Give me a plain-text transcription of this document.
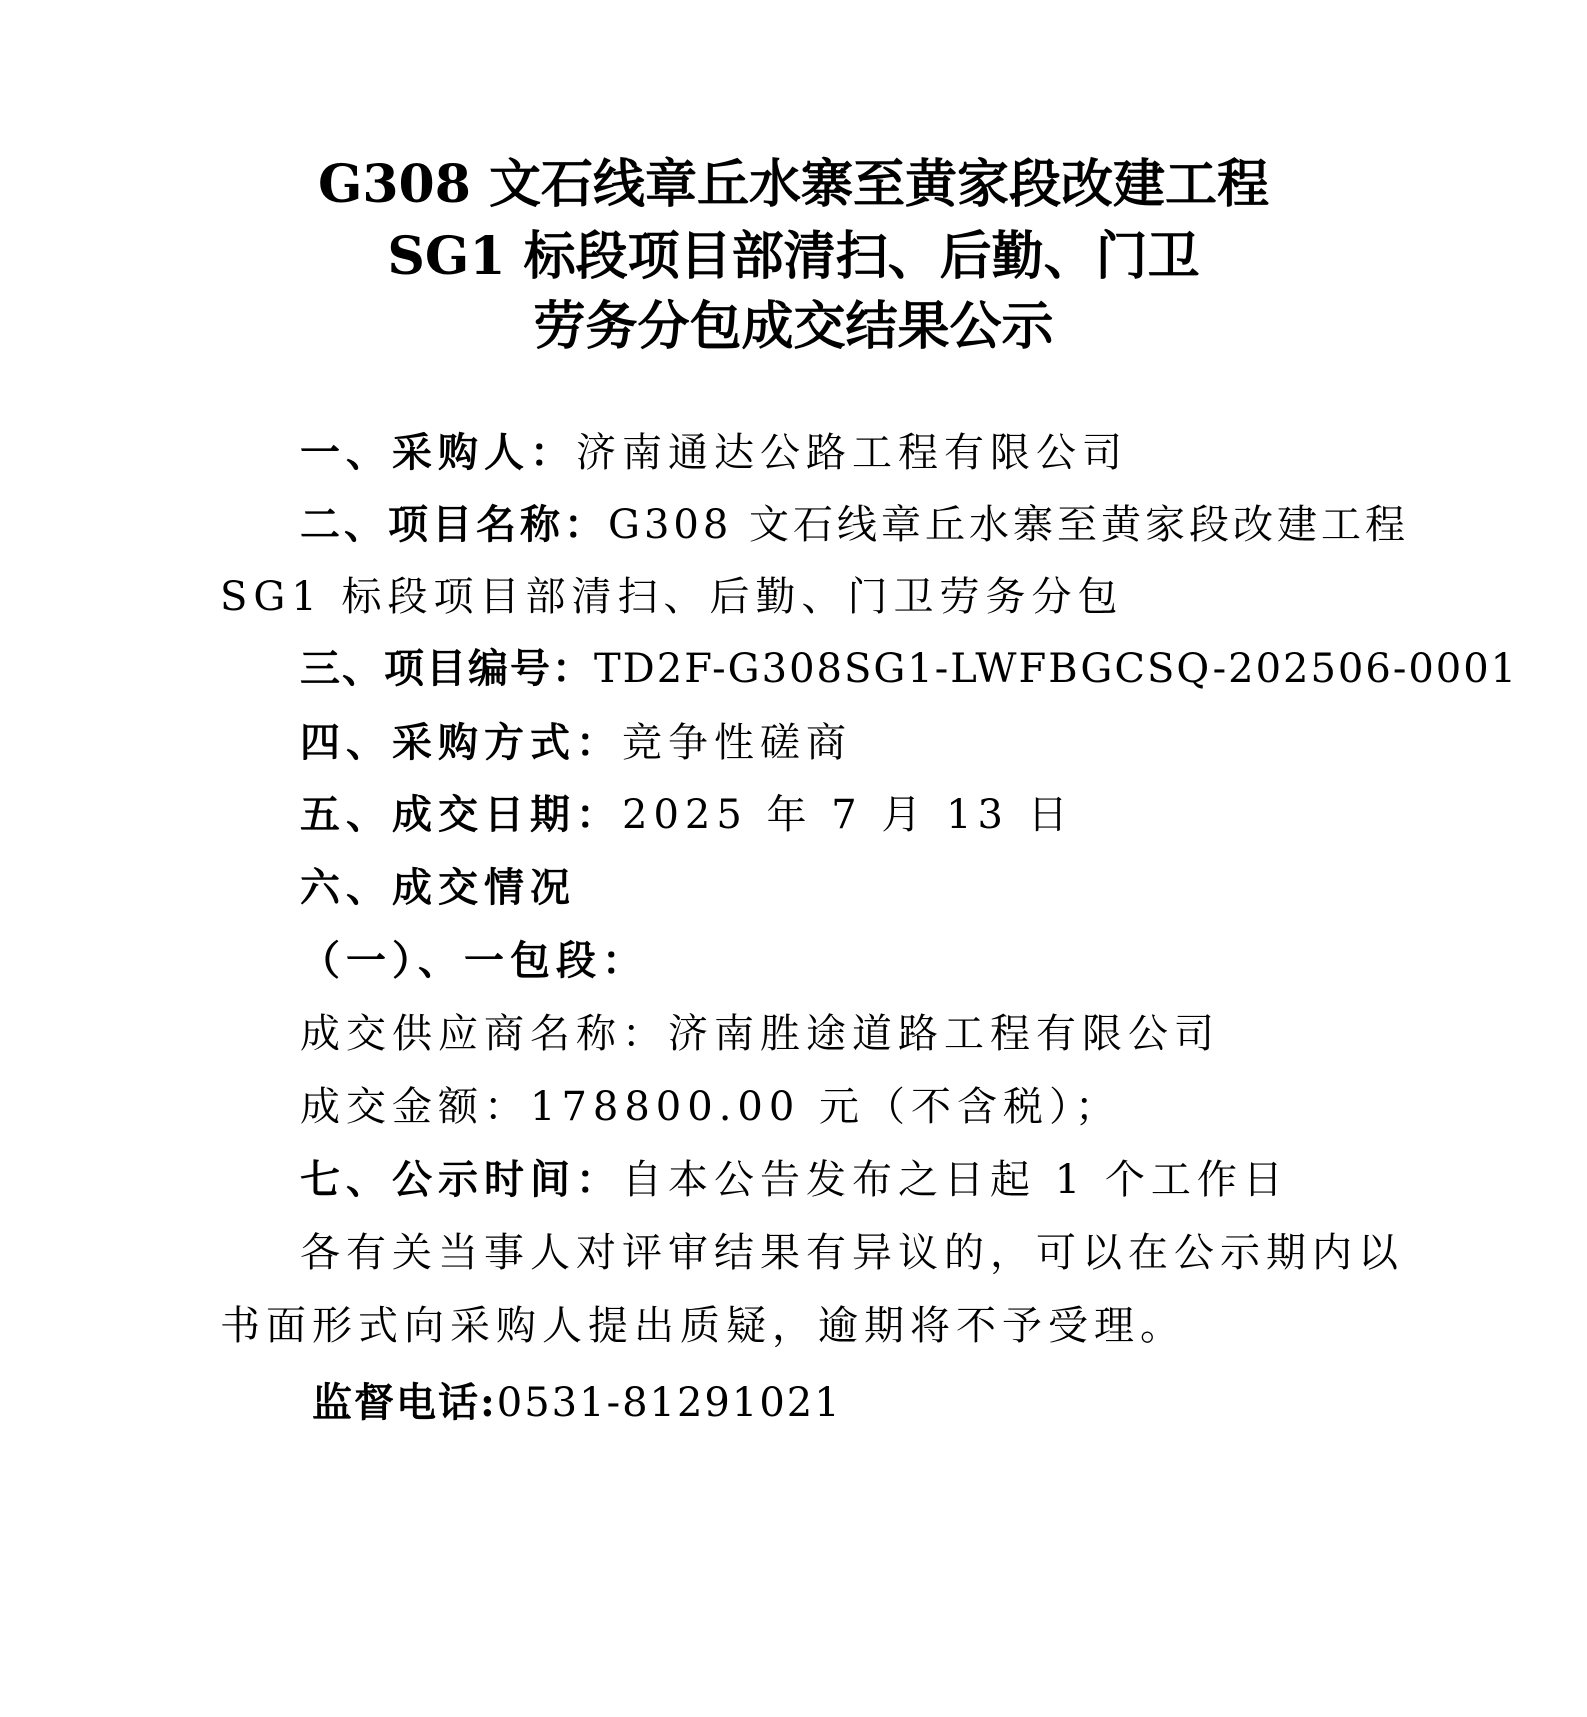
G308 文石线章丘水寨至黄家段改建工程
SG1 标段项目部清扫、后勤、门卫
劳务分包成交结果公示
一、采购人：济南通达公路工程有限公司
二、项目名称：G308 文石线章丘水寨至黄家段改建工程
SG1 标段项目部清扫、后勤、门卫劳务分包
三、项目编号：TD2F-G308SG1-LWFBGCSQ-202506-0001
四、采购方式：竞争性磋商
五、成交日期：2025 年 7 月 13 日
六、成交情况
（一）、一包段：
成交供应商名称：济南胜途道路工程有限公司
成交金额：178800.00 元（不含税）；
七、公示时间：自本公告发布之日起 1 个工作日
各有关当事人对评审结果有异议的，可以在公示期内以
书面形式向采购人提出质疑，逾期将不予受理。
监督电话:0531-81291021
